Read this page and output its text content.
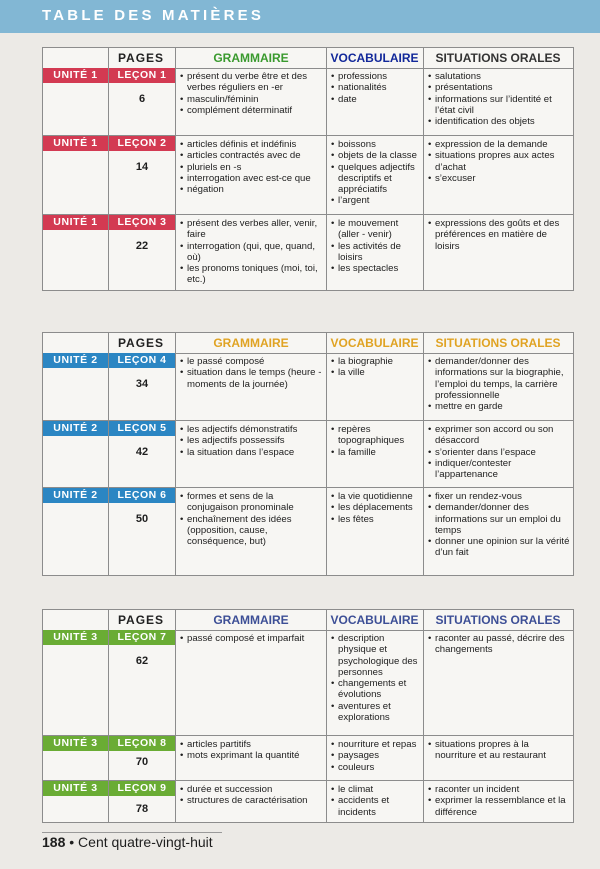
TABLE DES MATIÈRES
PAGES	GRAMMAIRE	VOCABULAIRE	SITUATIONS ORALES
UNITÉ 1	LEÇON 1
6
• présent du verbe être et des verbes réguliers en -er
• masculin/féminin
• complément déterminatif
• professions
• nationalités
• date
• salutations
• présentations
• informations sur l’identité et l’état civil
• identification des objets
UNITÉ 1	LEÇON 2
14
• articles définis et indéfinis
• articles contractés avec de
• pluriels en -s
• interrogation avec est-ce que
• négation
• boissons
• objets de la classe
• quelques adjectifs descriptifs et appréciatifs
• l’argent
• expression de la demande
• situations propres aux actes d’achat
• s’excuser
UNITÉ 1	LEÇON 3
22
• présent des verbes aller, venir, faire
• interrogation (qui, que, quand, où)
• les pronoms toniques (moi, toi, etc.)
• le mouvement (aller - venir)
• les activités de loisirs
• les spectacles
• expressions des goûts et des préférences en matière de loisirs
PAGES	GRAMMAIRE	VOCABULAIRE	SITUATIONS ORALES
UNITÉ 2	LEÇON 4
34
• le passé composé
• situation dans le temps (heure - moments de la journée)
• la biographie
• la ville
• demander/donner des informations sur la biographie, l’emploi du temps, la carrière professionnelle
• mettre en garde
UNITÉ 2	LEÇON 5
42
• les adjectifs démonstratifs
• les adjectifs possessifs
• la situation dans l’espace
• repères topographiques
• la famille
• exprimer son accord ou son désaccord
• s’orienter dans l’espace
• indiquer/contester l’appartenance
UNITÉ 2	LEÇON 6
50
• formes et sens de la conjugaison pronominale
• enchaînement des idées (opposition, cause, conséquence, but)
• la vie quotidienne
• les déplacements
• les fêtes
• fixer un rendez-vous
• demander/donner des informations sur un emploi du temps
• donner une opinion sur la vérité d’un fait
PAGES	GRAMMAIRE	VOCABULAIRE	SITUATIONS ORALES
UNITÉ 3	LEÇON 7
62
• passé composé et imparfait
•	description physique et psychologique des personnes
• changements et évolutions
• aventures et explorations
• raconter au passé, décrire des changements
UNITÉ 3	LEÇON 8
70
• articles partitifs
• mots exprimant la quantité
• nourriture et repas
• paysages
• couleurs
• situations propres à la nourriture et au restaurant
UNITÉ 3	LEÇON 9
78
• durée et succession
• structures de caractérisation
• le climat
• accidents et incidents
• raconter un incident
• exprimer la ressemblance et la différence
188 • Cent quatre-vingt-huit
